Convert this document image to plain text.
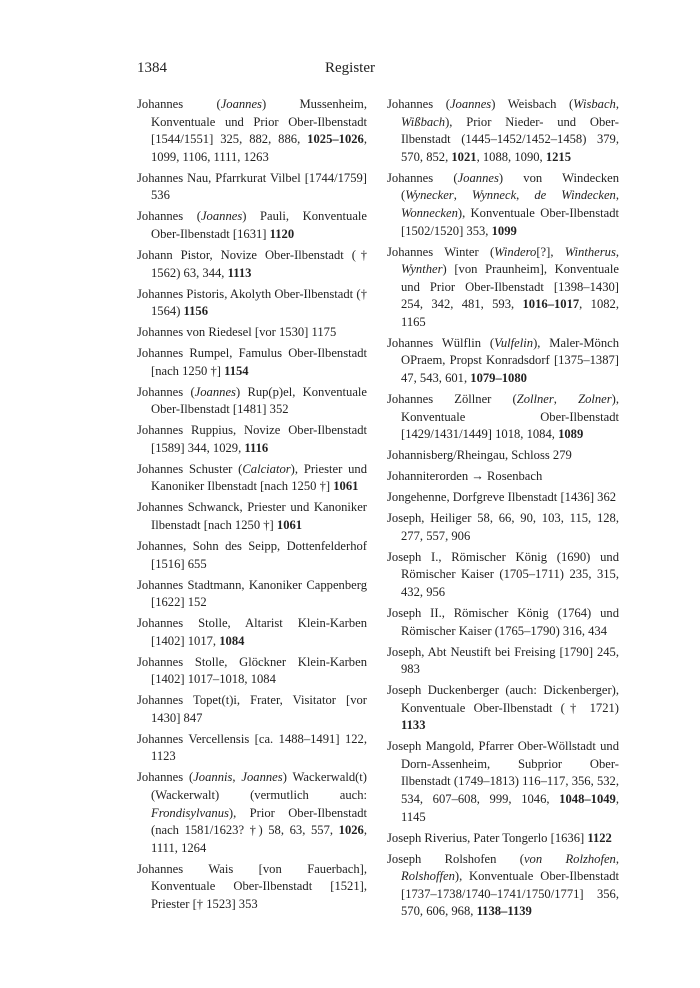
1384	Register

Johannes (Joannes) Mussenheim, Konventuale und Prior Ober-Ilbenstadt [1544/1551] 325, 882, 886, 1025–1026, 1099, 1106, 1111, 1263

Johannes Nau, Pfarrkurat Vilbel [1744/1759] 536

Johannes (Joannes) Pauli, Konventuale Ober-Ilbenstadt [1631] 1120

Johann Pistor, Novize Ober-Ilbenstadt († 1562) 63, 344, 1113

Johannes Pistoris, Akolyth Ober-Ilbenstadt († 1564) 1156

Johannes von Riedesel [vor 1530] 1175

Johannes Rumpel, Famulus Ober-Ilbenstadt [nach 1250 †] 1154

Johannes (Joannes) Rup(p)el, Konventuale Ober-Ilbenstadt [1481] 352

Johannes Ruppius, Novize Ober-Ilbenstadt [1589] 344, 1029, 1116

Johannes Schuster (Calciator), Priester und Kanoniker Ilbenstadt [nach 1250 †] 1061

Johannes Schwanck, Priester und Kanoniker Ilbenstadt [nach 1250 †] 1061

Johannes, Sohn des Seipp, Dottenfelderhof [1516] 655

Johannes Stadtmann, Kanoniker Cappenberg [1622] 152

Johannes Stolle, Altarist Klein-Karben [1402] 1017, 1084

Johannes Stolle, Glöckner Klein-Karben [1402] 1017–1018, 1084

Johannes Topet(t)i, Frater, Visitator [vor 1430] 847

Johannes Vercellensis [ca. 1488–1491] 122, 1123

Johannes (Joannis, Joannes) Wackerwald(t) (Wackerwalt) (vermutlich auch: Frondisylvanus), Prior Ober-Ilbenstadt (nach 1581/1623? †) 58, 63, 557, 1026, 1111, 1264

Johannes Wais [von Fauerbach], Konventuale Ober-Ilbenstadt [1521], Priester [† 1523] 353

Johannes (Joannes) Weisbach (Wisbach, Wißbach), Prior Nieder- und Ober-Ilbenstadt (1445–1452/1452–1458) 379, 570, 852, 1021, 1088, 1090, 1215

Johannes (Joannes) von Windecken (Wynecker, Wynneck, de Windecken, Wonnecken), Konventuale Ober-Ilbenstadt [1502/1520] 353, 1099

Johannes Winter (Windero[?], Wintherus, Wynther) [von Praunheim], Konventuale und Prior Ober-Ilbenstadt [1398–1430] 254, 342, 481, 593, 1016–1017, 1082, 1165

Johannes Wülflin (Vulfelin), Maler-Mönch OPraem, Propst Konradsdorf [1375–1387] 47, 543, 601, 1079–1080

Johannes Zöllner (Zollner, Zolner), Konventuale Ober-Ilbenstadt [1429/1431/1449] 1018, 1084, 1089

Johannisberg/Rheingau, Schloss 279

Johanniterorden → Rosenbach

Jongehenne, Dorfgreve Ilbenstadt [1436] 362

Joseph, Heiliger 58, 66, 90, 103, 115, 128, 277, 557, 906

Joseph I., Römischer König (1690) und Römischer Kaiser (1705–1711) 235, 315, 432, 956

Joseph II., Römischer König (1764) und Römischer Kaiser (1765–1790) 316, 434

Joseph, Abt Neustift bei Freising [1790] 245, 983

Joseph Duckenberger (auch: Dickenberger), Konventuale Ober-Ilbenstadt († 1721) 1133

Joseph Mangold, Pfarrer Ober-Wöllstadt und Dorn-Assenheim, Subprior Ober-Ilbenstadt (1749–1813) 116–117, 356, 532, 534, 607–608, 999, 1046, 1048–1049, 1145

Joseph Riverius, Pater Tongerlo [1636] 1122

Joseph Rolshofen (von Rolzhofen, Rolshoffen), Konventuale Ober-Ilbenstadt [1737–1738/1740–1741/1750/1771] 356, 570, 606, 968, 1138–1139
